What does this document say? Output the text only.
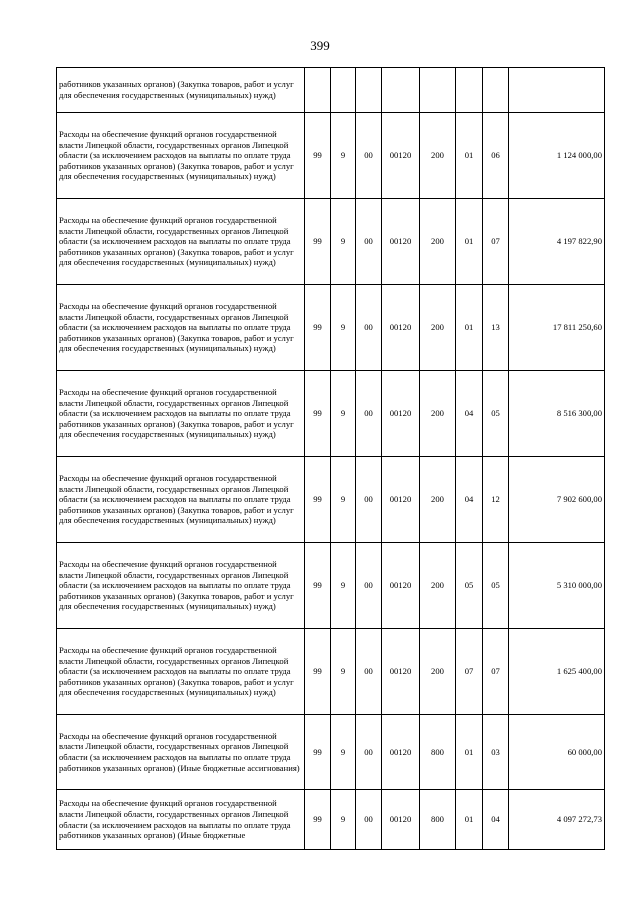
399
работников указанных органов) (Закупка товаров, работ и услуг для обеспечения государственных (муниципальных) нужд)								
Расходы на обеспечение функций органов государственной власти Липецкой области, государственных органов Липецкой области (за исключением расходов на выплаты по оплате труда работников указанных органов) (Закупка товаров, работ и услуг для обеспечения государственных (муниципальных) нужд)	99	9	00	00120	200	01	06	1 124 000,00
Расходы на обеспечение функций органов государственной власти Липецкой области, государственных органов Липецкой области (за исключением расходов на выплаты по оплате труда работников указанных органов) (Закупка товаров, работ и услуг для обеспечения государственных (муниципальных) нужд)	99	9	00	00120	200	01	07	4 197 822,90
Расходы на обеспечение функций органов государственной власти Липецкой области, государственных органов Липецкой области (за исключением расходов на выплаты по оплате труда работников указанных органов) (Закупка товаров, работ и услуг для обеспечения государственных (муниципальных) нужд)	99	9	00	00120	200	01	13	17 811 250,60
Расходы на обеспечение функций органов государственной власти Липецкой области, государственных органов Липецкой области (за исключением расходов на выплаты по оплате труда работников указанных органов) (Закупка товаров, работ и услуг для обеспечения государственных (муниципальных) нужд)	99	9	00	00120	200	04	05	8 516 300,00
Расходы на обеспечение функций органов государственной власти Липецкой области, государственных органов Липецкой области (за исключением расходов на выплаты по оплате труда работников указанных органов) (Закупка товаров, работ и услуг для обеспечения государственных (муниципальных) нужд)	99	9	00	00120	200	04	12	7 902 600,00
Расходы на обеспечение функций органов государственной власти Липецкой области, государственных органов Липецкой области (за исключением расходов на выплаты по оплате труда работников указанных органов) (Закупка товаров, работ и услуг для обеспечения государственных (муниципальных) нужд)	99	9	00	00120	200	05	05	5 310 000,00
Расходы на обеспечение функций органов государственной власти Липецкой области, государственных органов Липецкой области (за исключением расходов на выплаты по оплате труда работников указанных органов) (Закупка товаров, работ и услуг для обеспечения государственных (муниципальных) нужд)	99	9	00	00120	200	07	07	1 625 400,00
Расходы на обеспечение функций органов государственной власти Липецкой области, государственных органов Липецкой области (за исключением расходов на выплаты по оплате труда работников указанных органов) (Иные бюджетные ассигнования)	99	9	00	00120	800	01	03	60 000,00
Расходы на обеспечение функций органов государственной власти Липецкой области, государственных органов Липецкой области (за исключением расходов на выплаты по оплате труда работников указанных органов) (Иные бюджетные	99	9	00	00120	800	01	04	4 097 272,73
